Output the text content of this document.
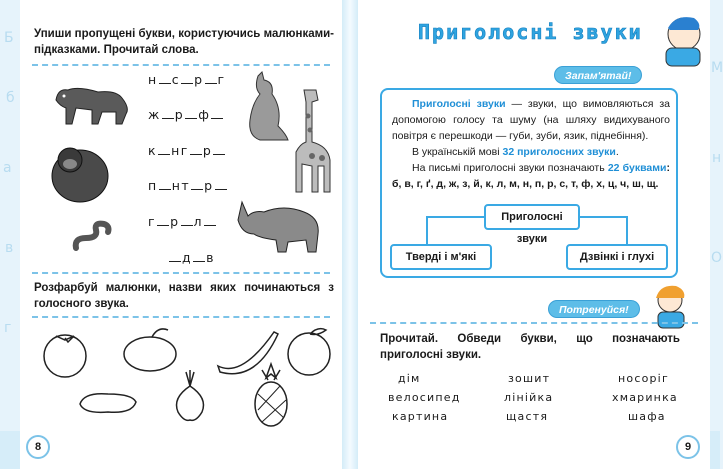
Б
б
а
в
г
М
н
О
Упиши пропущені букви, користуючись малюнками-підказками. Прочитай слова.
н с р г
ж р ф
к нг р
п нт р
г р л
д в
Розфарбуй малюнки, назви яких починаються з голосного звука.
8
Приголосні звуки
Запам'ятай!
Приголосні звуки — звуки, що вимовляються за допомогою голосу та шуму (на шляху видихуваного повітря є перешкоди — губи, зуби, язик, піднебіння).
В українській мові 32 приголосних звуки.
На письмі приголосні звуки позначають 22 буквами: б, в, г, ґ, д, ж, з, й, к, л, м, н, п, р, с, т, ф, х, ц, ч, ш, щ.
Приголосні звуки
Тверді і м'які	Дзвінкі і глухі
Потренуйся!
Прочитай. Обведи букви, що позначають приголосні звуки.
дім	зошит	носоріг
велосипед	лінійка	хмаринка
картина	щастя	шафа
9
